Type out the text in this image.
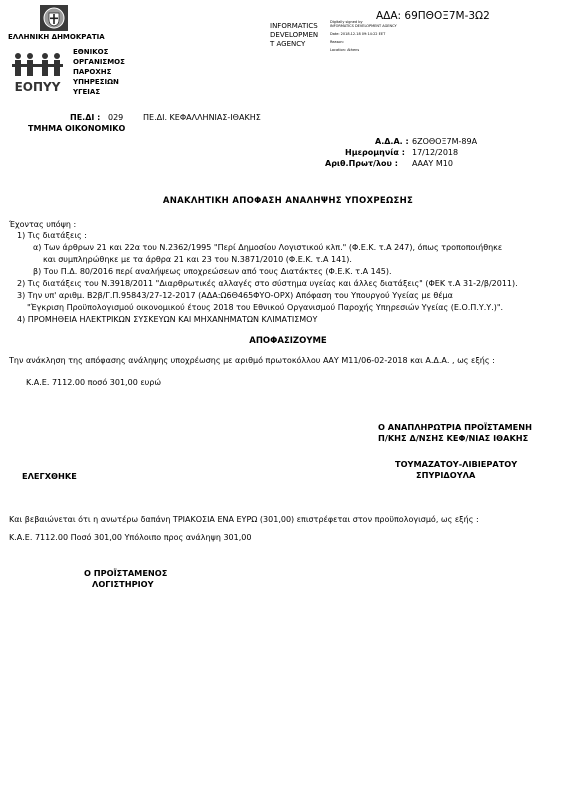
ΕΛΛΗΝΙΚΗ ΔΗΜΟΚΡΑΤΙΑ
ΕΟΠΥΥ
ΕΘΝΙΚΟΣ
ΟΡΓΑΝΙΣΜΟΣ
ΠΑΡΟΧΗΣ
ΥΠΗΡΕΣΙΩΝ
ΥΓΕΙΑΣ
INFORMATICS
DEVELOPMEN
T AGENCY
Digitally signed by
INFORMATICS DEVELOPMENT AGENCY
Date: 2018.12.18 09:14:22 EET
Reason:
Location: Athens
ΑΔΑ: 69ΠΘΟΞ7Μ-3Ω2
ΠΕ.ΔΙ : 029 ΠΕ.ΔΙ. ΚΕΦΑΛΛΗΝΙΑΣ-ΙΘΑΚΗΣ
ΤΜΗΜΑ ΟΙΚΟΝΟΜΙΚΟ
Α.Δ.Α. : 6ΖΟΘΟΞ7Μ-89Α
Ημερομηνία : 17/12/2018
Αριθ.Πρωτ/λου : ΑΑΑΥ Μ10
ΑΝΑΚΛΗΤΙΚΗ ΑΠΟΦΑΣΗ ΑΝΑΛΗΨΗΣ ΥΠΟΧΡΕΩΣΗΣ
Έχοντας υπόψη :
1) Τις διατάξεις :
α) Των άρθρων 21 και 22α του Ν.2362/1995 "Περί Δημοσίου Λογιστικού κλπ." (Φ.Ε.Κ. τ.Α 247), όπως τροποποιήθηκε
και συμπληρώθηκε με τα άρθρα 21 και 23 του Ν.3871/2010 (Φ.Ε.Κ. τ.Α 141).
β) Του Π.Δ. 80/2016 περί αναλήψεως υποχρεώσεων από τους Διατάκτες (Φ.Ε.Κ. τ.Α 145).
2) Τις διατάξεις του Ν.3918/2011 "Διαρθρωτικές αλλαγές στο σύστημα υγείας και άλλες διατάξεις" (ΦΕΚ τ.Α 31-2/β/2011).
3) Την υπ' αριθμ. Β2β/Γ.Π.95843/27-12-2017 (ΑΔΑ:Ω6Θ465ΦΥΟ-ΟΡΧ) Απόφαση του Υπουργού Υγείας με θέμα
"Έγκριση Προϋπολογισμού οικονομικού έτους 2018 του Εθνικού Οργανισμού Παροχής Υπηρεσιών Υγείας (Ε.Ο.Π.Υ.Υ.)".
4) ΠΡΟΜΗΘΕΙΑ ΗΛΕΚΤΡΙΚΩΝ ΣΥΣΚΕΥΩΝ ΚΑΙ ΜΗΧΑΝΗΜΑΤΩΝ ΚΛΙΜΑΤΙΣΜΟΥ
ΑΠΟΦΑΣΙΖΟΥΜΕ
Την ανάκληση της απόφασης ανάληψης υποχρέωσης με αριθμό πρωτοκόλλου ΑΑΥ Μ11/06-02-2018 και Α.Δ.Α. , ως εξής :
Κ.Α.Ε. 7112.00 ποσό 301,00 ευρώ
Ο ΑΝΑΠΛΗΡΩΤΡΙΑ ΠΡΟΪΣΤΑΜΕΝΗ
Π/ΚΗΣ Δ/ΝΣΗΣ ΚΕΦ/ΝΙΑΣ ΙΘΑΚΗΣ
ΤΟΥΜΑΖΑΤΟΥ-ΛΙΒΙΕΡΑΤΟΥ
ΕΛΕΓΧΘΗΚΕ	ΣΠΥΡΙΔΟΥΛΑ
Και βεβαιώνεται ότι η ανωτέρω δαπάνη ΤΡΙΑΚΟΣΙΑ ΕΝΑ ΕΥΡΩ (301,00) επιστρέφεται στον προϋπολογισμό, ως εξής :
Κ.Α.Ε. 7112.00 Ποσό 301,00 Υπόλοιπο προς ανάληψη 301,00
Ο ΠΡΟΪΣΤΑΜΕΝΟΣ
ΛΟΓΙΣΤΗΡΙΟΥ
